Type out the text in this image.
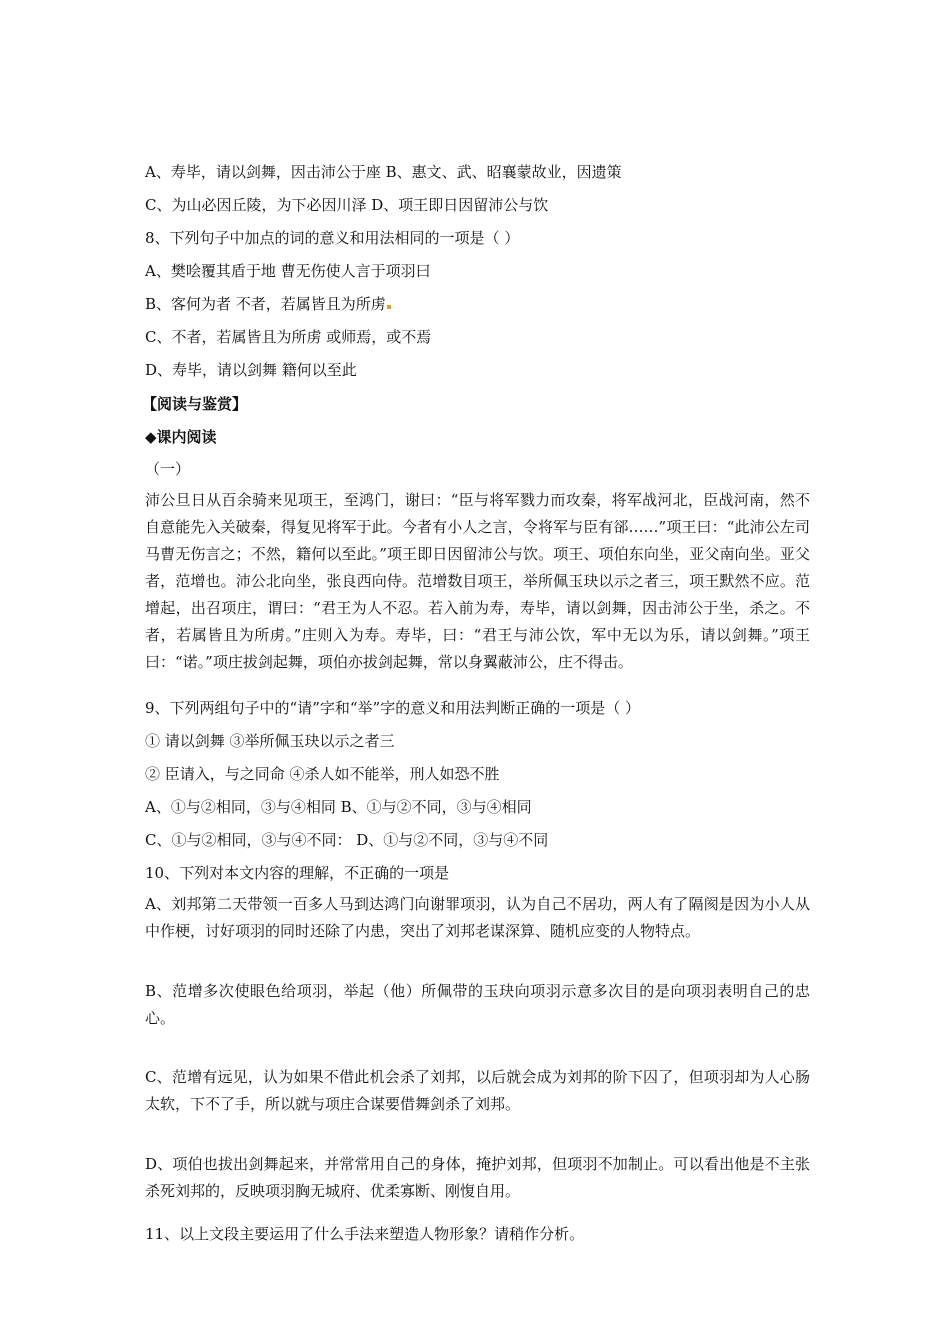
A、寿毕，请以剑舞，因击沛公于座 B、惠文、武、昭襄蒙故业，因遗策
C、为山必因丘陵，为下必因川泽 D、项王即日因留沛公与饮
8、下列句子中加点的词的意义和用法相同的一项是（ ）
A、樊哙覆其盾于地 曹无伤使人言于项羽曰
B、客何为者 不者，若属皆且为所虏
C、不者，若属皆且为所虏 或师焉，或不焉
D、寿毕，请以剑舞 籍何以至此
【阅读与鉴赏】
◆课内阅读
（一）
沛公旦日从百余骑来见项王，至鸿门，谢曰：“臣与将军戮力而攻秦，将军战河北，臣战河南，然不自意能先入关破秦，得复见将军于此。今者有小人之言，令将军与臣有郤……”项王曰：“此沛公左司马曹无伤言之；不然，籍何以至此。”项王即日因留沛公与饮。项王、项伯东向坐，亚父南向坐。亚父者，范增也。沛公北向坐，张良西向侍。范增数目项王，举所佩玉玦以示之者三，项王默然不应。范增起，出召项庄，谓曰：“君王为人不忍。若入前为寿，寿毕，请以剑舞，因击沛公于坐，杀之。不者，若属皆且为所虏。”庄则入为寿。寿毕，曰：“君王与沛公饮，军中无以为乐，请以剑舞。”项王曰：“诺。”项庄拔剑起舞，项伯亦拔剑起舞，常以身翼蔽沛公，庄不得击。
9、下列两组句子中的“请”字和“举”字的意义和用法判断正确的一项是（ ）
① 请以剑舞 ③举所佩玉玦以示之者三
② 臣请入，与之同命 ④杀人如不能举，刑人如恐不胜
A、①与②相同，③与④相同 B、①与②不同，③与④相同
C、①与②相同，③与④不同： D、①与②不同，③与④不同
10、下列对本文内容的理解，不正确的一项是
A、刘邦第二天带领一百多人马到达鸿门向谢罪项羽，认为自己不居功，两人有了隔阂是因为小人从中作梗，讨好项羽的同时还除了内患，突出了刘邦老谋深算、随机应变的人物特点。
B、范增多次使眼色给项羽，举起（他）所佩带的玉玦向项羽示意多次目的是向项羽表明自己的忠心。
C、范增有远见，认为如果不借此机会杀了刘邦，以后就会成为刘邦的阶下囚了，但项羽却为人心肠太软，下不了手，所以就与项庄合谋要借舞剑杀了刘邦。
D、项伯也拔出剑舞起来，并常常用自己的身体，掩护刘邦，但项羽不加制止。可以看出他是不主张杀死刘邦的，反映项羽胸无城府、优柔寡断、刚愎自用。
11、以上文段主要运用了什么手法来塑造人物形象？请稍作分析。
